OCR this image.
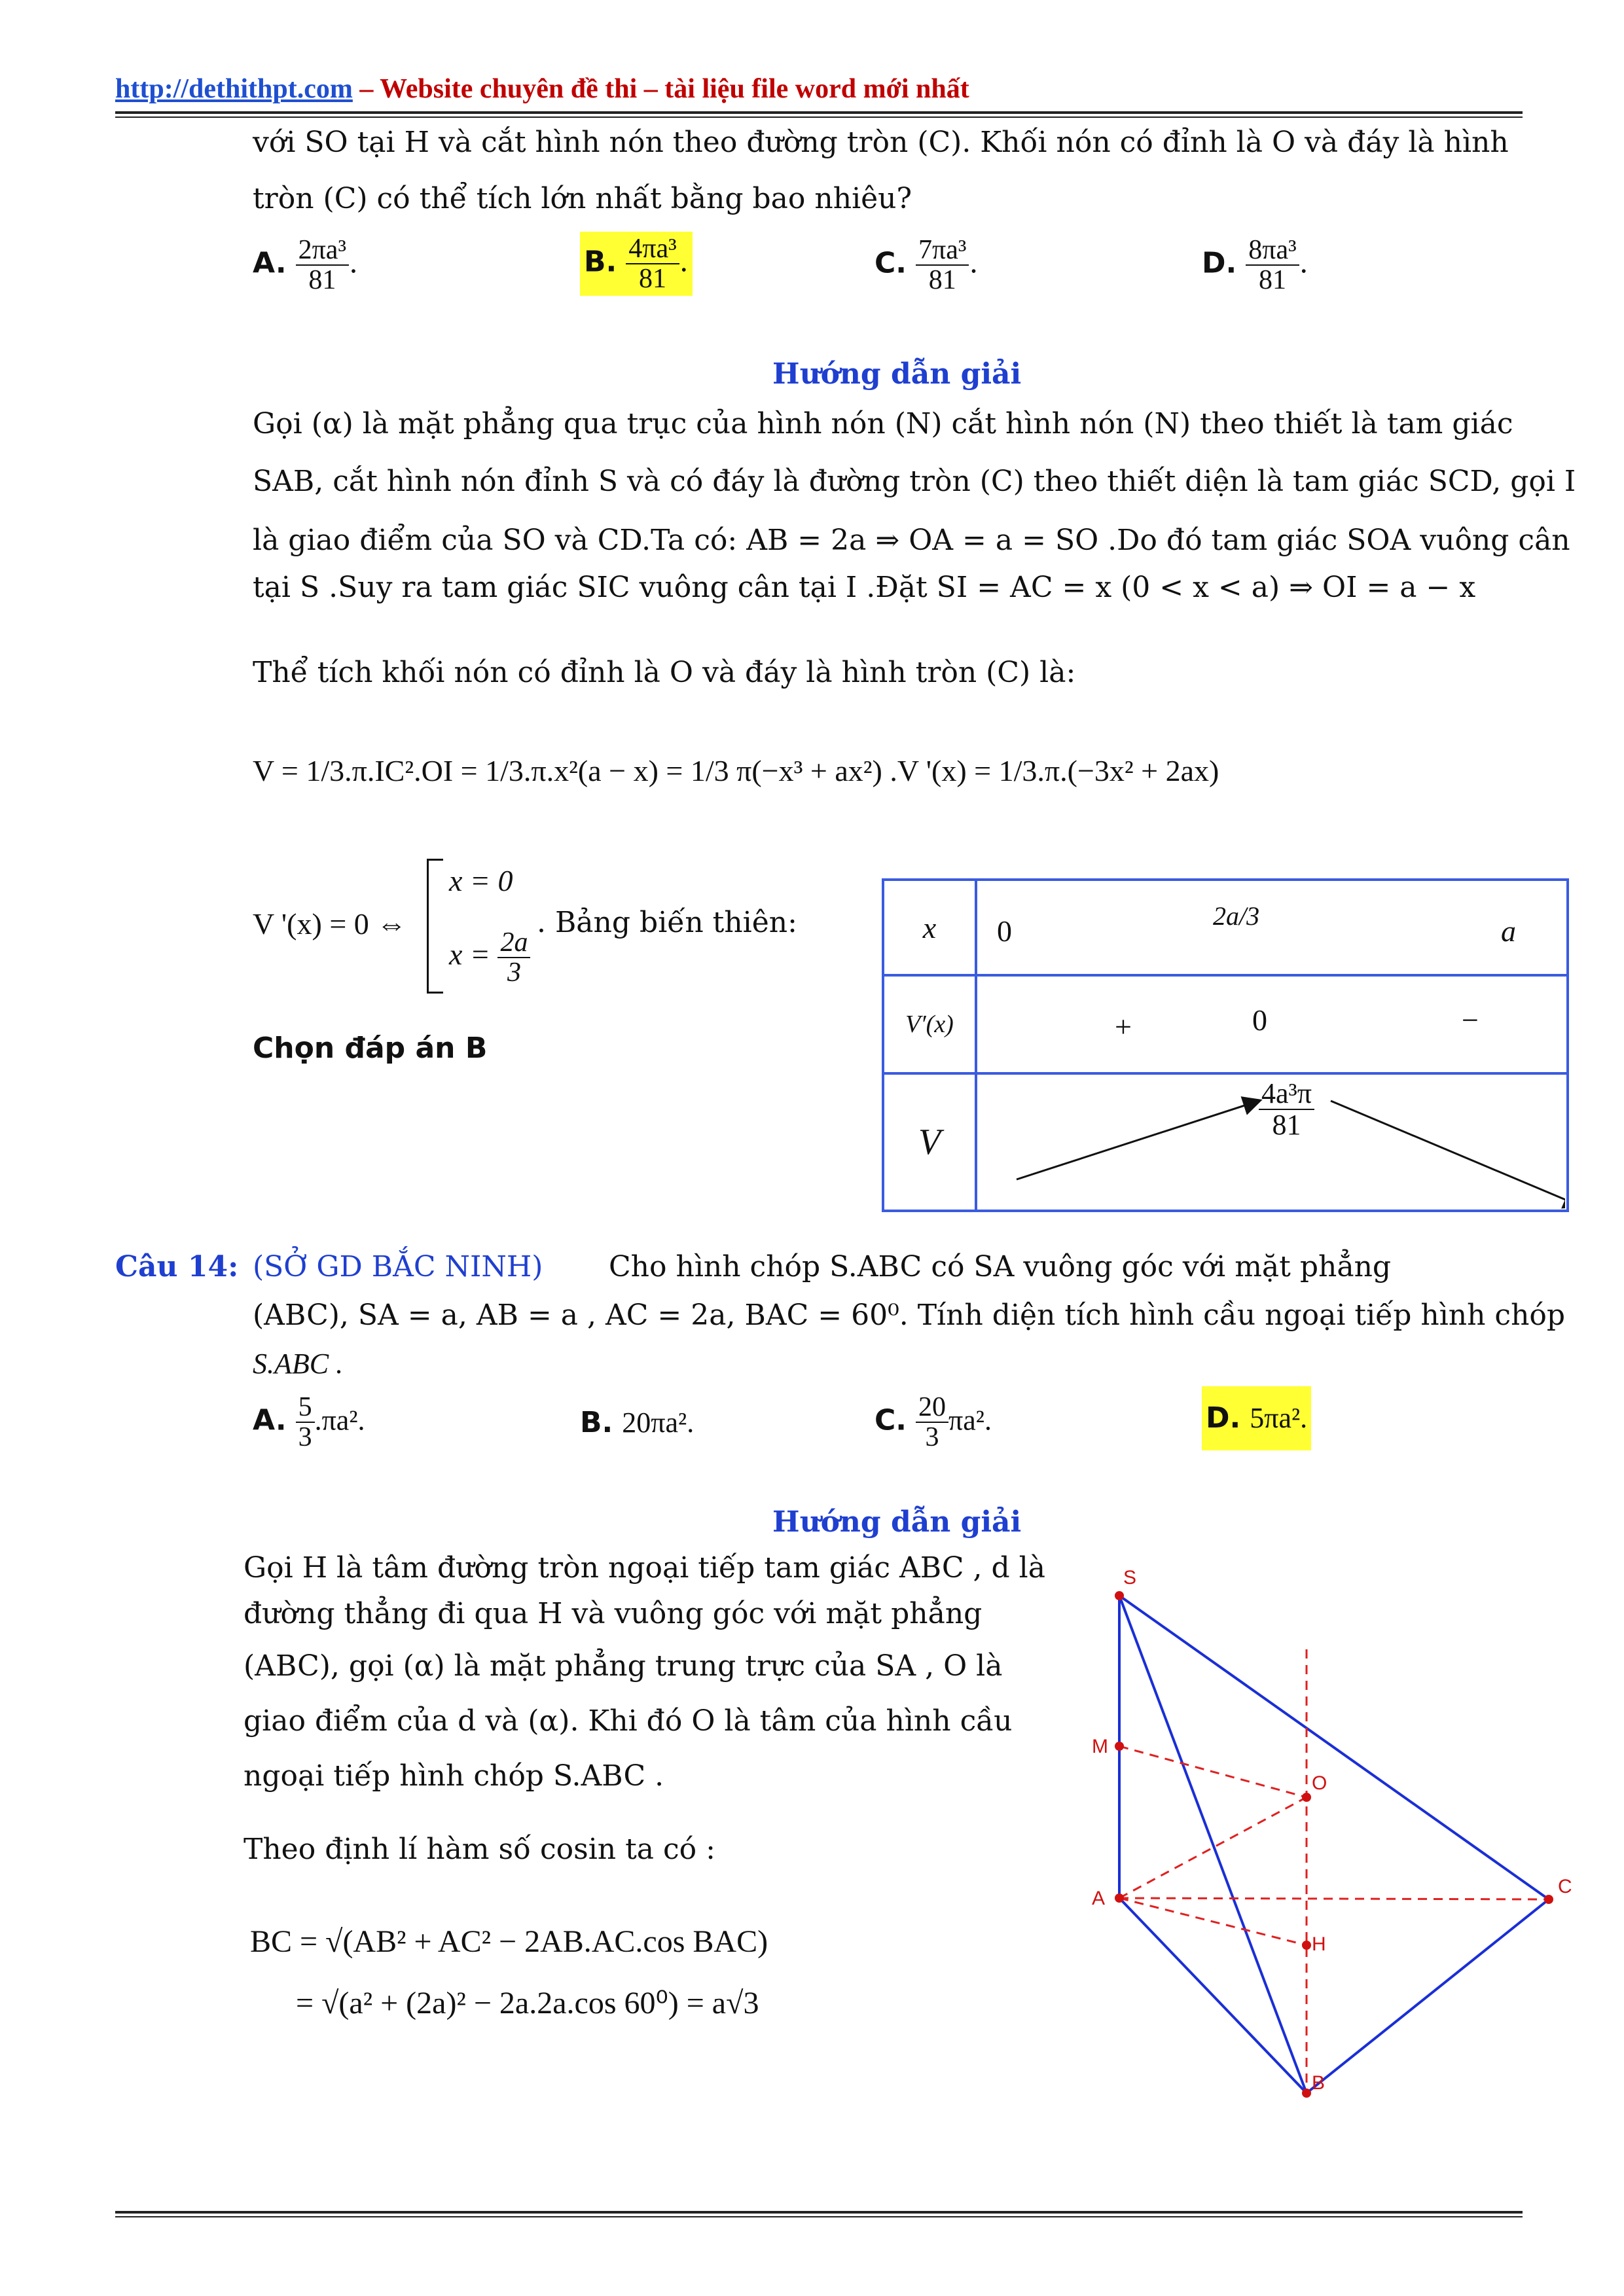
http://dethithpt.com – Website chuyên đề thi – tài liệu file word mới nhất
với SO tại H và cắt hình nón theo đường tròn (C). Khối nón có đỉnh là O và đáy là hình
tròn (C) có thể tích lớn nhất bằng bao nhiêu?
A. $\frac{\text{2πa³}}{81}$ .	B. $\frac{\text{4πa³}}{81}$ .	C. $\frac{\text{7πa³}}{81}$ .	D. $\frac{\text{8πa³}}{81}$ .
Hướng dẫn giải
Gọi (α) là mặt phẳng qua trục của hình nón (N) cắt hình nón (N) theo thiết là tam giác
SAB, cắt hình nón đỉnh S và có đáy là đường tròn (C) theo thiết diện là tam giác SCD, gọi I
là giao điểm của SO và CD.Ta có: AB = 2a ⇒ OA = a = SO .Do đó tam giác SOA vuông cân
tại S .Suy ra tam giác SIC vuông cân tại I .Đặt SI = AC = x (0 < x < a) ⇒ OI = a − x
Thể tích khối nón có đỉnh là O và đáy là hình tròn (C) là:
V = 1/3.π.IC².OI = 1/3.π.x²(a − x) = 1/3 π(−x³ + ax²) .V '(x) = 1/3.π.(−3x² + 2ax)
V '(x) = 0 ⇔
x = 0
$x = \frac{2a}{3}$
. Bảng biến thiên:
Chọn đáp án B
x	0 2a/3 a

V′(x)	+ 0 −

V	$\frac{\text{4a³π}}{81}$
Câu 14: (SỞ GD BẮC NINH) Cho hình chóp S.ABC có SA vuông góc với mặt phẳng
(ABC), SA = a, AB = a , AC = 2a, BAC = 60⁰. Tính diện tích hình cầu ngoại tiếp hình chóp
S.ABC .
A. $\frac{5}{3} .\pi a^2$.	B. 20πa².	C. $\frac{20}{3} \pi a^2$.	D. 5πa².
Hướng dẫn giải
Gọi H là tâm đường tròn ngoại tiếp tam giác ABC , d là
đường thẳng đi qua H và vuông góc với mặt phẳng
(ABC), gọi (α) là mặt phẳng trung trực của SA , O là
giao điểm của d và (α). Khi đó O là tâm của hình cầu
ngoại tiếp hình chóp S.ABC .
Theo định lí hàm số cosin ta có :
BC = √(AB² + AC² − 2AB.AC.cos BAC)
= √(a² + (2a)² − 2a.2a.cos 60⁰) = a√3
S
M
O
A
C
H
B
